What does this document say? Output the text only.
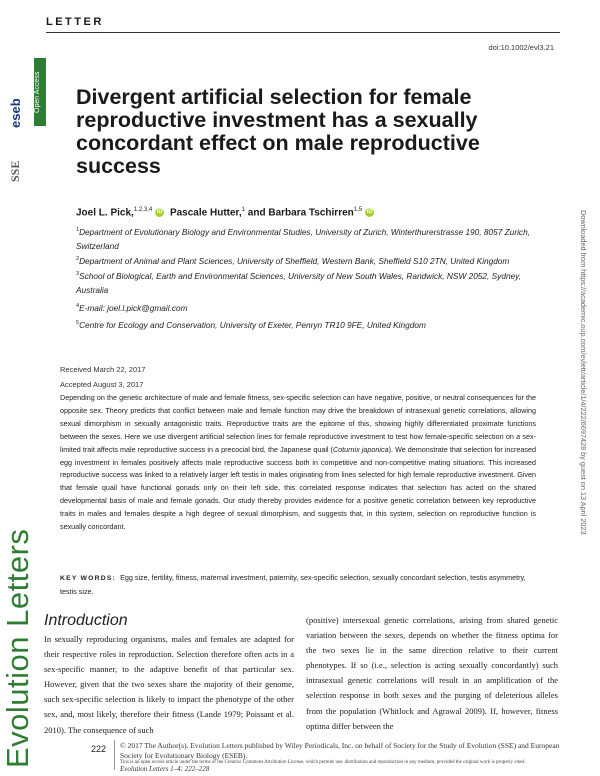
LETTER
doi:10.1002/evl3.21
eseb
Open Access
SSE
Divergent artificial selection for female reproductive investment has a sexually concordant effect on male reproductive success
Joel L. Pick,$^{1,2,3,4}$ iD Pascale Hutter,$^1$ and Barbara Tschirren$^{1,5}$ iD
$^1$Department of Evolutionary Biology and Environmental Studies, University of Zurich, Winterthurerstrasse 190, 8057 Zurich, Switzerland
$^2$Department of Animal and Plant Sciences, University of Sheffield, Western Bank, Sheffield S10 2TN, United Kingdom
$^3$School of Biological, Earth and Environmental Sciences, University of New South Wales, Randwick, NSW 2052, Sydney, Australia
$^4$E-mail: joel.l.pick@gmail.com
$^5$Centre for Ecology and Conservation, University of Exeter, Penryn TR10 9FE, United Kingdom
Received March 22, 2017
Accepted August 3, 2017
Depending on the genetic architecture of male and female fitness, sex-specific selection can have negative, positive, or neutral consequences for the opposite sex. Theory predicts that conflict between male and female function may drive the breakdown of intrasexual genetic correlations, allowing sexual dimorphism in sexually antagonistic traits. Reproductive traits are the epitome of this, showing highly differentiated proximate functions between the sexes. Here we use divergent artificial selection lines for female reproductive investment to test how female-specific selection on a sex-limited trait affects male reproductive success in a precocial bird, the Japanese quail (Coturnix japonica). We demonstrate that selection for increased egg investment in females positively affects male reproductive success both in competitive and non-competitive mating situations. This increased reproductive success was linked to a relatively larger left testis in males originating from lines selected for high female reproductive investment. Given that female quail have functional gonads only on their left side, this correlated response indicates that selection has acted on the shared developmental basis of male and female gonads. Our study thereby provides evidence for a positive genetic correlation between key reproductive traits in males and females despite a high degree of sexual dimorphism, and suggests that, in this system, selection on reproductive function is sexually concordant.
KEY WORDS: Egg size, fertility, fitness, maternal investment, paternity, sex-specific selection, sexually concordant selection, testis asymmetry, testis size.
Introduction
In sexually reproducing organisms, males and females are adapted for their respective roles in reproduction. Selection therefore often acts in a sex-specific manner, to the adaptive benefit of that particular sex. However, given that the two sexes share the majority of their genome, such sex-specific selection is likely to impact the phenotype of the other sex, and, most likely, therefore their fitness (Lande 1979; Poissant et al. 2010). The consequence of such
(positive) intersexual genetic correlations, arising from shared genetic variation between the sexes, depends on whether the fitness optima for the two sexes lie in the same direction relative to their current phenotypes. If so (i.e., selection is acting sexually concordantly) such intrasexual genetic correlations will result in an amplification of the selection response in both sexes and the purging of deleterious alleles from the population (Whitlock and Agrawal 2009). If, however, fitness optima differ between the
Evolution Letters
Downloaded from https://academic.oup.com/evlett/article/1/4/222/6697428 by guest on 13 April 2023
222 © 2017 The Author(s). Evolution Letters published by Wiley Periodicals, Inc. on behalf of Society for the Study of Evolution (SSE) and European Society for Evolutionary Biology (ESEB).
This is an open access article under the terms of the Creative Commons Attribution License, which permits use, distribution and reproduction in any medium, provided the original work is properly cited.
Evolution Letters 1–4: 222–228
